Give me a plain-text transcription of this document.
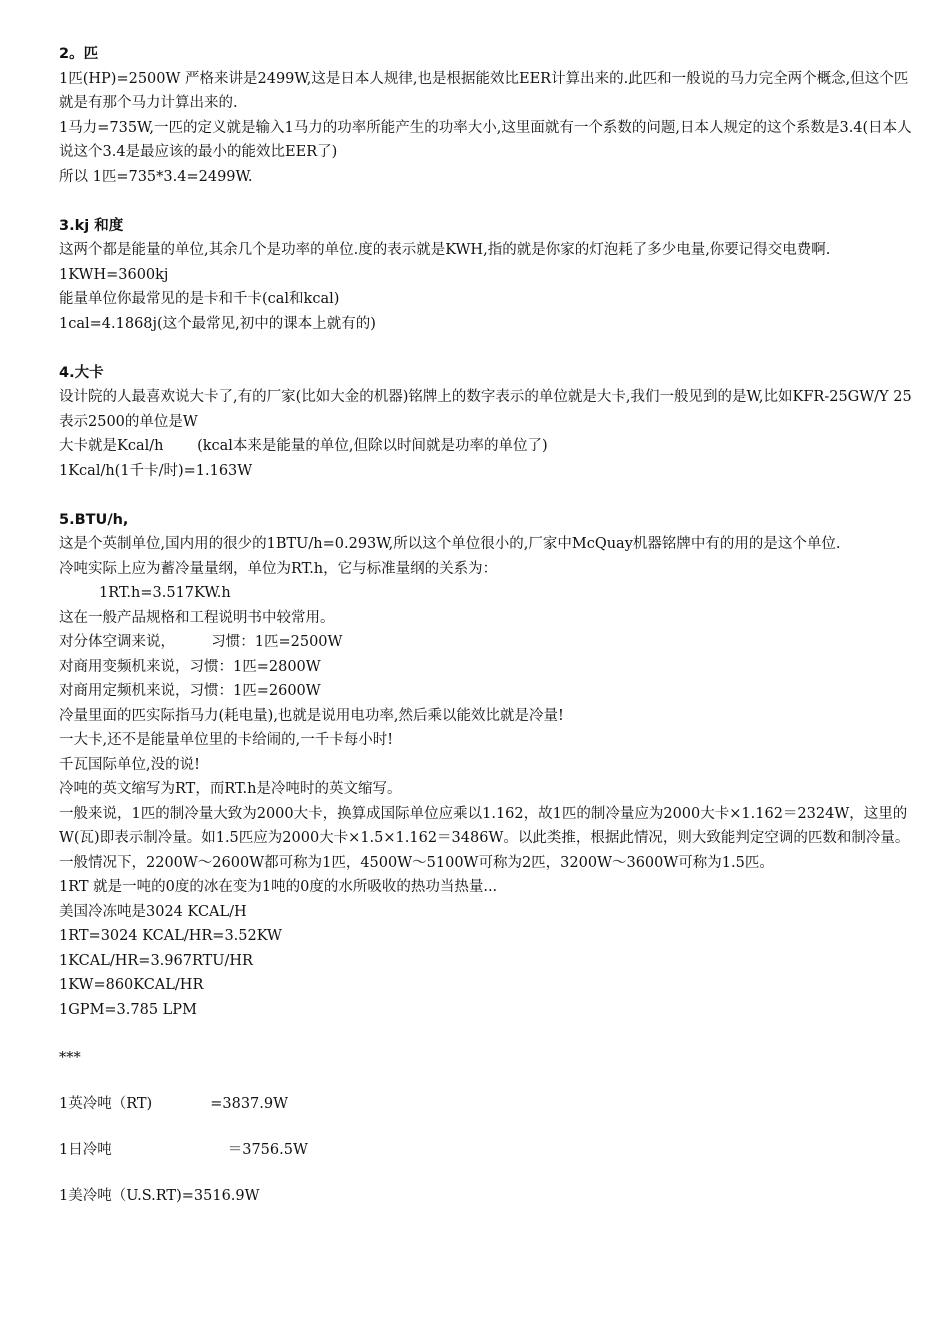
2。匹

1匹(HP)=2500W 严格来讲是2499W,这是日本人规律,也是根据能效比EER计算出来的.此匹和一般说的马力完全两个概念,但这个匹就是有那个马力计算出来的.

1马力=735W,一匹的定义就是输入1马力的功率所能产生的功率大小,这里面就有一个系数的问题,日本人规定的这个系数是3.4(日本人说这个3.4是最应该的最小的能效比EER了)

所以 1匹=735*3.4=2499W.

3.kj 和度

这两个都是能量的单位,其余几个是功率的单位.度的表示就是KWH,指的就是你家的灯泡耗了多少电量,你要记得交电费啊.

1KWH=3600kj

能量单位你最常见的是卡和千卡(cal和kcal)

1cal=4.1868j(这个最常见,初中的课本上就有的)

4.大卡

设计院的人最喜欢说大卡了,有的厂家(比如大金的机器)铭牌上的数字表示的单位就是大卡,我们一般见到的是W,比如KFR-25GW/Y 25表示2500的单位是W

大卡就是Kcal/h　　 (kcal本来是能量的单位,但除以时间就是功率的单位了)

1Kcal/h(1千卡/时)=1.163W

5.BTU/h,

这是个英制单位,国内用的很少的1BTU/h=0.293W,所以这个单位很小的,厂家中McQuay机器铭牌中有的用的是这个单位.

冷吨实际上应为蓄冷量量纲，单位为RT.h，它与标准量纲的关系为：

1RT.h=3.517KW.h

这在一般产品规格和工程说明书中较常用。

对分体空调来说，　　　习惯：1匹=2500W

对商用变频机来说，习惯：1匹=2800W

对商用定频机来说，习惯：1匹=2600W

冷量里面的匹实际指马力(耗电量),也就是说用电功率,然后乘以能效比就是冷量!

一大卡,还不是能量单位里的卡给闹的,一千卡每小时!

千瓦国际单位,没的说!

冷吨的英文缩写为RT，而RT.h是冷吨时的英文缩写。

一般来说，1匹的制冷量大致为2000大卡，换算成国际单位应乘以1.162，故1匹的制冷量应为2000大卡×1.162＝2324W，这里的W(瓦)即表示制冷量。如1.5匹应为2000大卡×1.5×1.162＝3486W。以此类推，根据此情况，则大致能判定空调的匹数和制冷量。一般情况下，2200W～2600W都可称为1匹，4500W～5100W可称为2匹，3200W～3600W可称为1.5匹。

1RT 就是一吨的0度的冰在变为1吨的0度的水所吸收的热功当热量...

美国冷冻吨是3024 KCAL/H

1RT=3024 KCAL/HR=3.52KW

1KCAL/HR=3.967RTU/HR

1KW=860KCAL/HR

1GPM=3.785 LPM

***

1英冷吨（RT)　　　　=3837.9W

1日冷吨　　　　　　　　＝3756.5W

1美冷吨（U.S.RT)=3516.9W
